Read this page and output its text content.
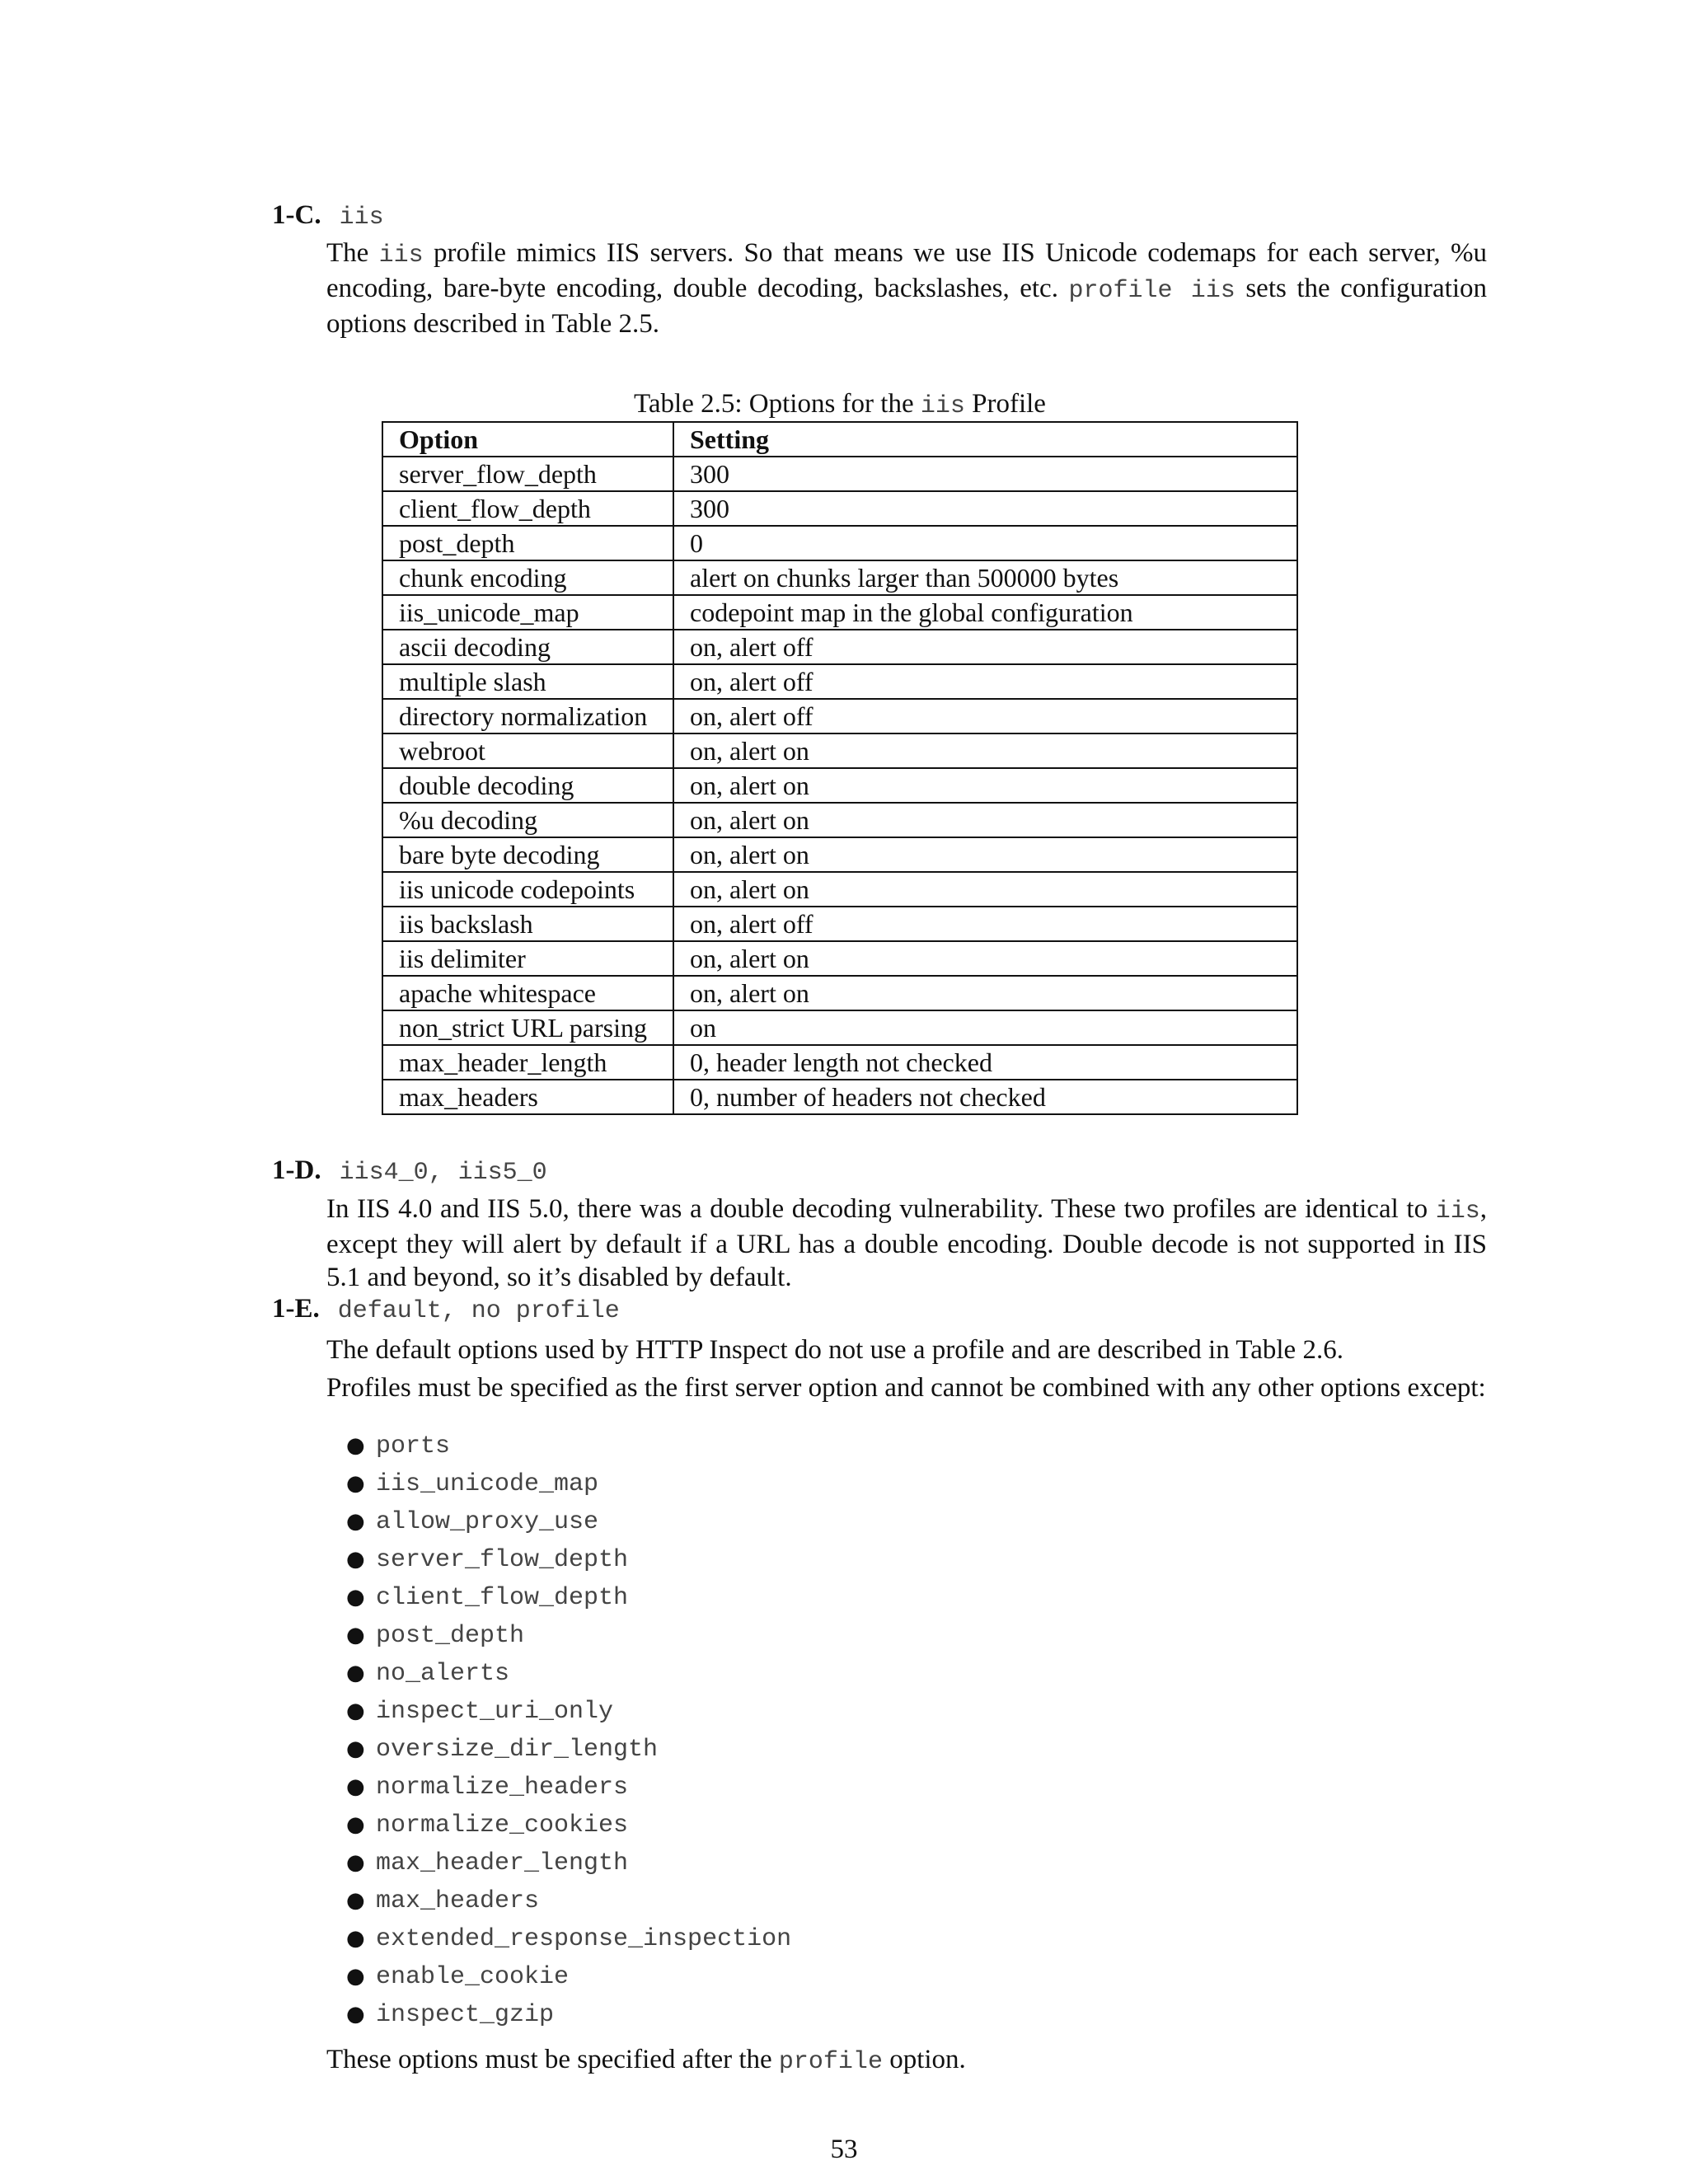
1-C. iis
The iis profile mimics IIS servers. So that means we use IIS Unicode codemaps for each server, %u encoding, bare-byte encoding, double decoding, backslashes, etc. profile iis sets the configuration options described in Table 2.5.
Table 2.5: Options for the iis Profile
Option	Setting
server_flow_depth	300
client_flow_depth	300
post_depth	0
chunk encoding	alert on chunks larger than 500000 bytes
iis_unicode_map	codepoint map in the global configuration
ascii decoding	on, alert off
multiple slash	on, alert off
directory normalization	on, alert off
webroot	on, alert on
double decoding	on, alert on
%u decoding	on, alert on
bare byte decoding	on, alert on
iis unicode codepoints	on, alert on
iis backslash	on, alert off
iis delimiter	on, alert on
apache whitespace	on, alert on
non_strict URL parsing	on
max_header_length	0, header length not checked
max_headers	0, number of headers not checked
1-D. iis4_0, iis5_0
In IIS 4.0 and IIS 5.0, there was a double decoding vulnerability. These two profiles are identical to iis, except they will alert by default if a URL has a double encoding. Double decode is not supported in IIS 5.1 and beyond, so it’s disabled by default.
1-E. default, no profile
The default options used by HTTP Inspect do not use a profile and are described in Table 2.6.
Profiles must be specified as the first server option and cannot be combined with any other options except:
● ports
● iis_unicode_map
● allow_proxy_use
● server_flow_depth
● client_flow_depth
● post_depth
● no_alerts
● inspect_uri_only
● oversize_dir_length
● normalize_headers
● normalize_cookies
● max_header_length
● max_headers
● extended_response_inspection
● enable_cookie
● inspect_gzip
These options must be specified after the profile option.
53
